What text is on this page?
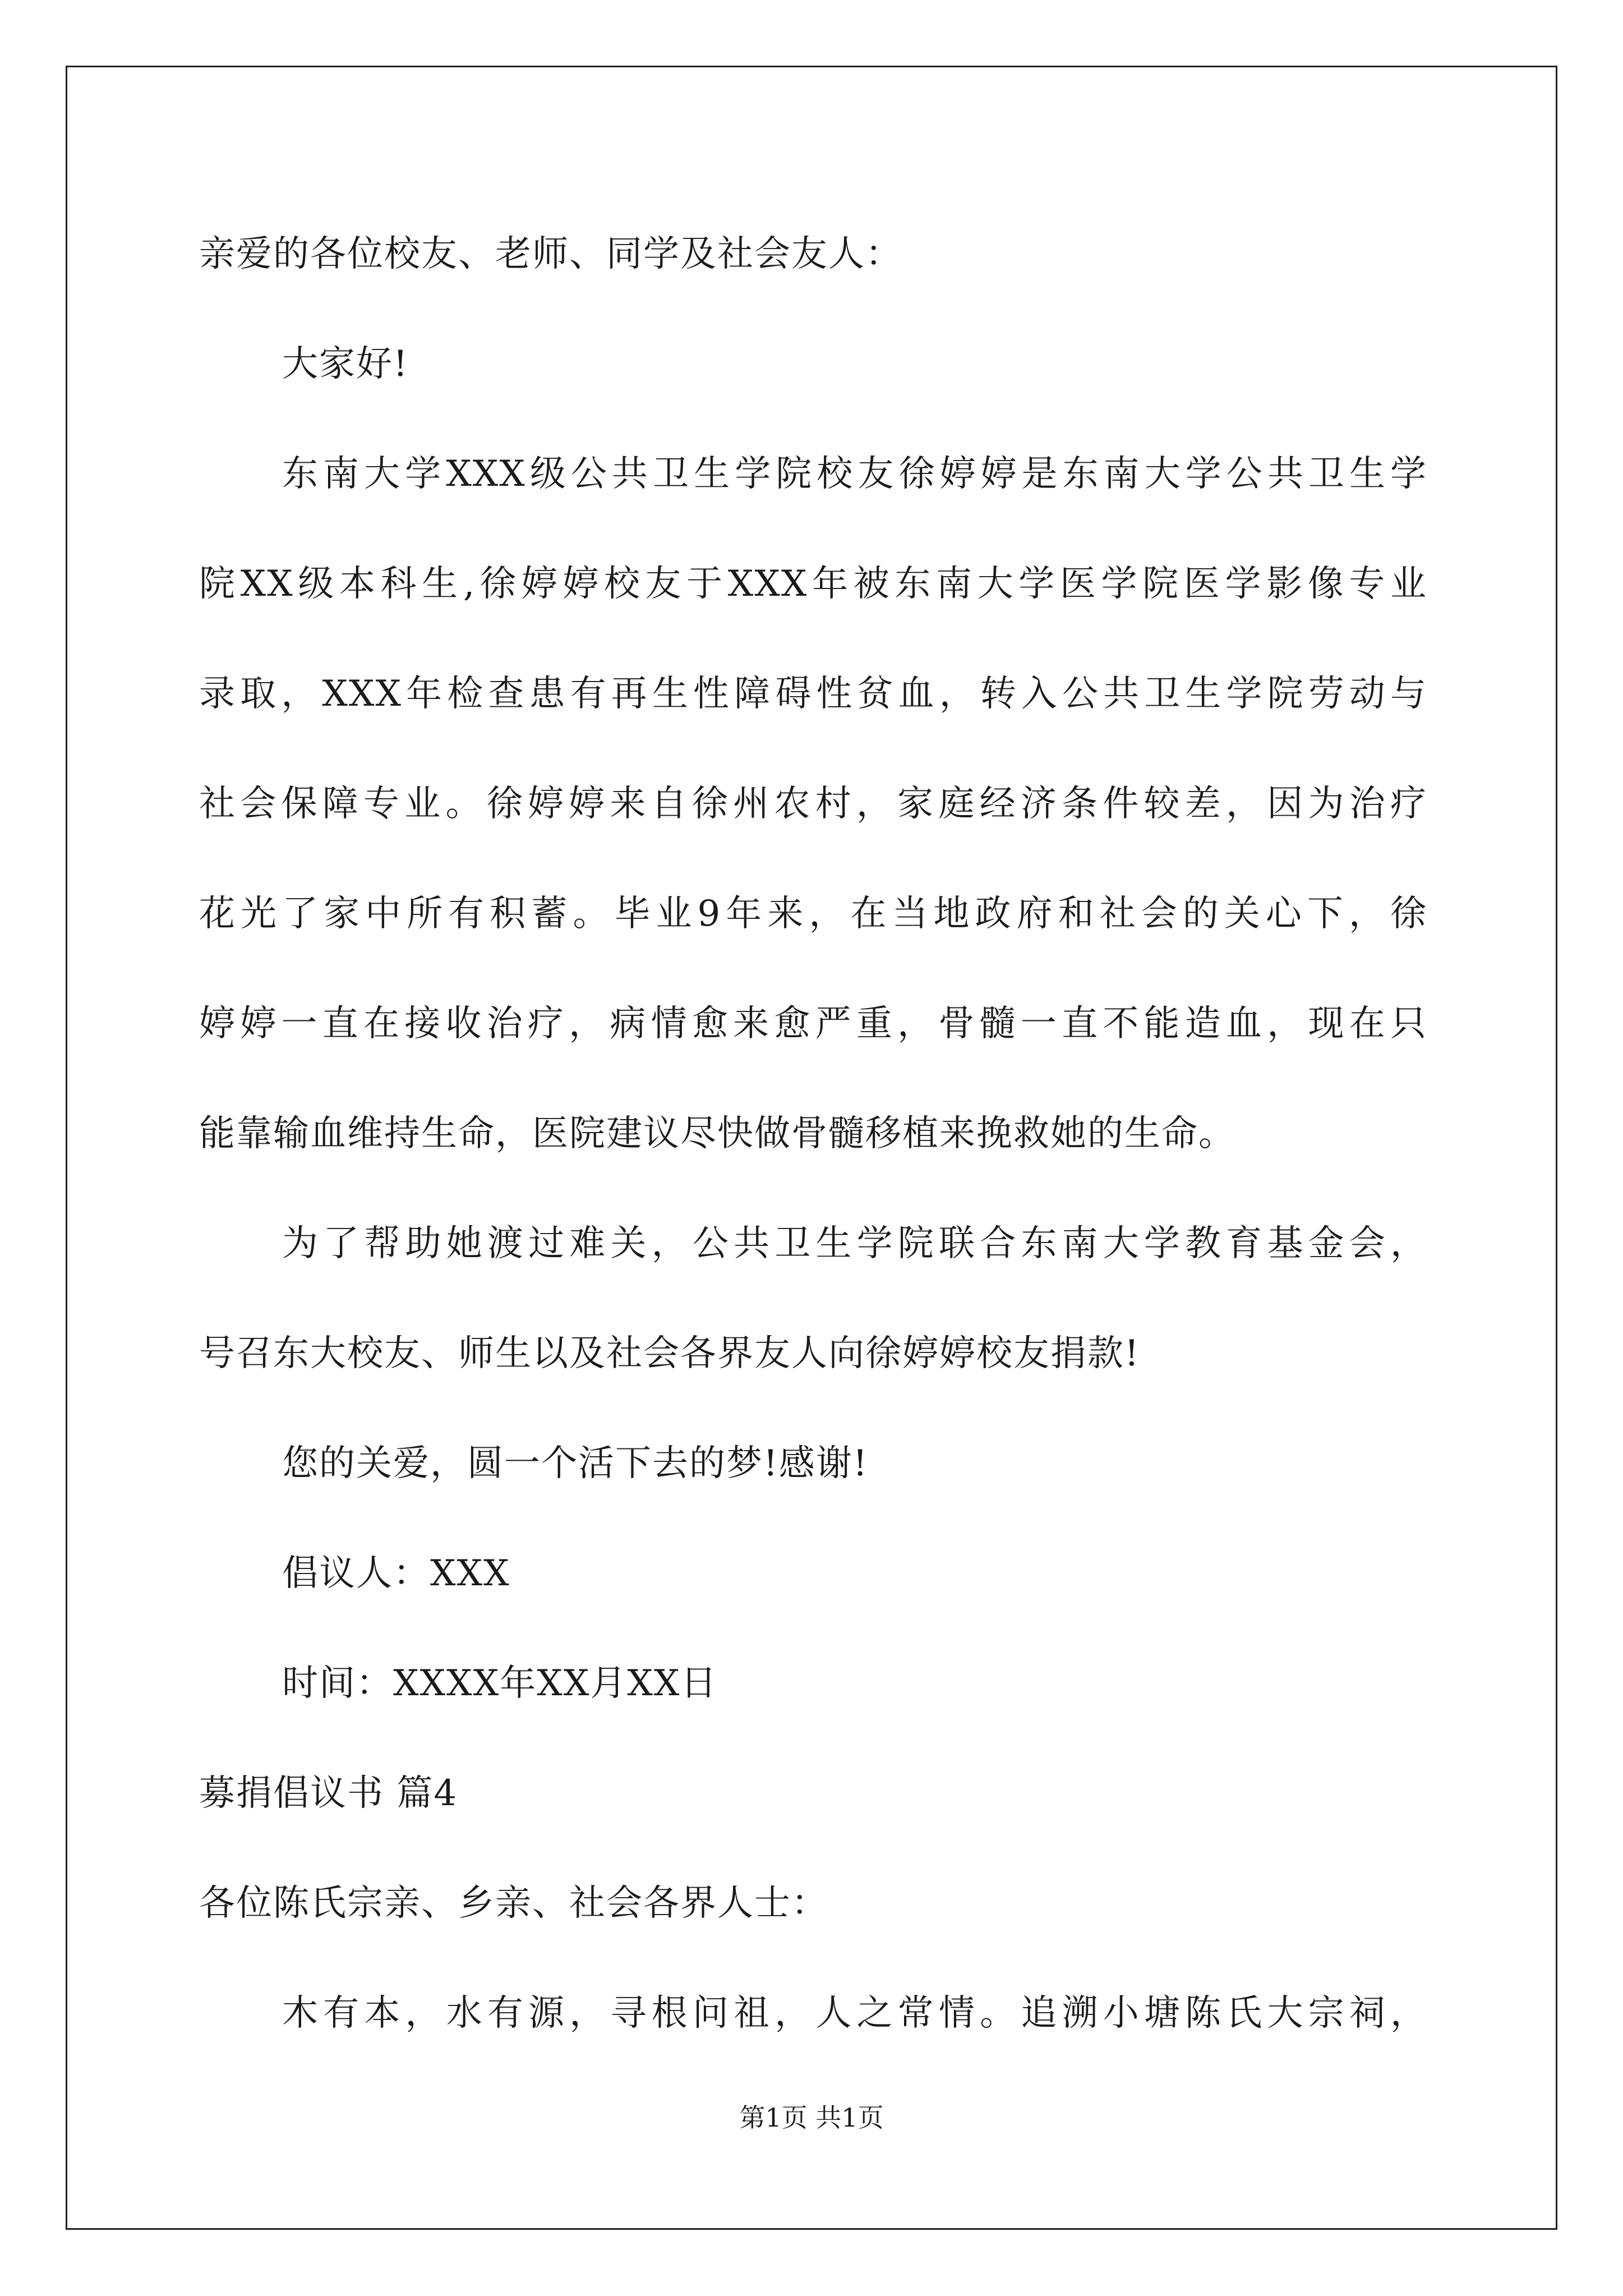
亲爱的各位校友、老师、同学及社会友人：
大家好!
东南大学XXX级公共卫生学院校友徐婷婷是东南大学公共卫生学
院XX级本科生,徐婷婷校友于XXX年被东南大学医学院医学影像专业
录取，XXX年检查患有再生性障碍性贫血，转入公共卫生学院劳动与
社会保障专业。徐婷婷来自徐州农村，家庭经济条件较差，因为治疗
花光了家中所有积蓄。毕业9年来，在当地政府和社会的关心下，徐
婷婷一直在接收治疗，病情愈来愈严重，骨髓一直不能造血，现在只
能靠输血维持生命，医院建议尽快做骨髓移植来挽救她的生命。
为了帮助她渡过难关，公共卫生学院联合东南大学教育基金会，
号召东大校友、师生以及社会各界友人向徐婷婷校友捐款!
您的关爱，圆一个活下去的梦!感谢!
倡议人：XXX
时间：XXXX年XX月XX日
募捐倡议书 篇4
各位陈氏宗亲、乡亲、社会各界人士：
木有本，水有源，寻根问祖，人之常情。追溯小塘陈氏大宗祠，
第1页 共1页
